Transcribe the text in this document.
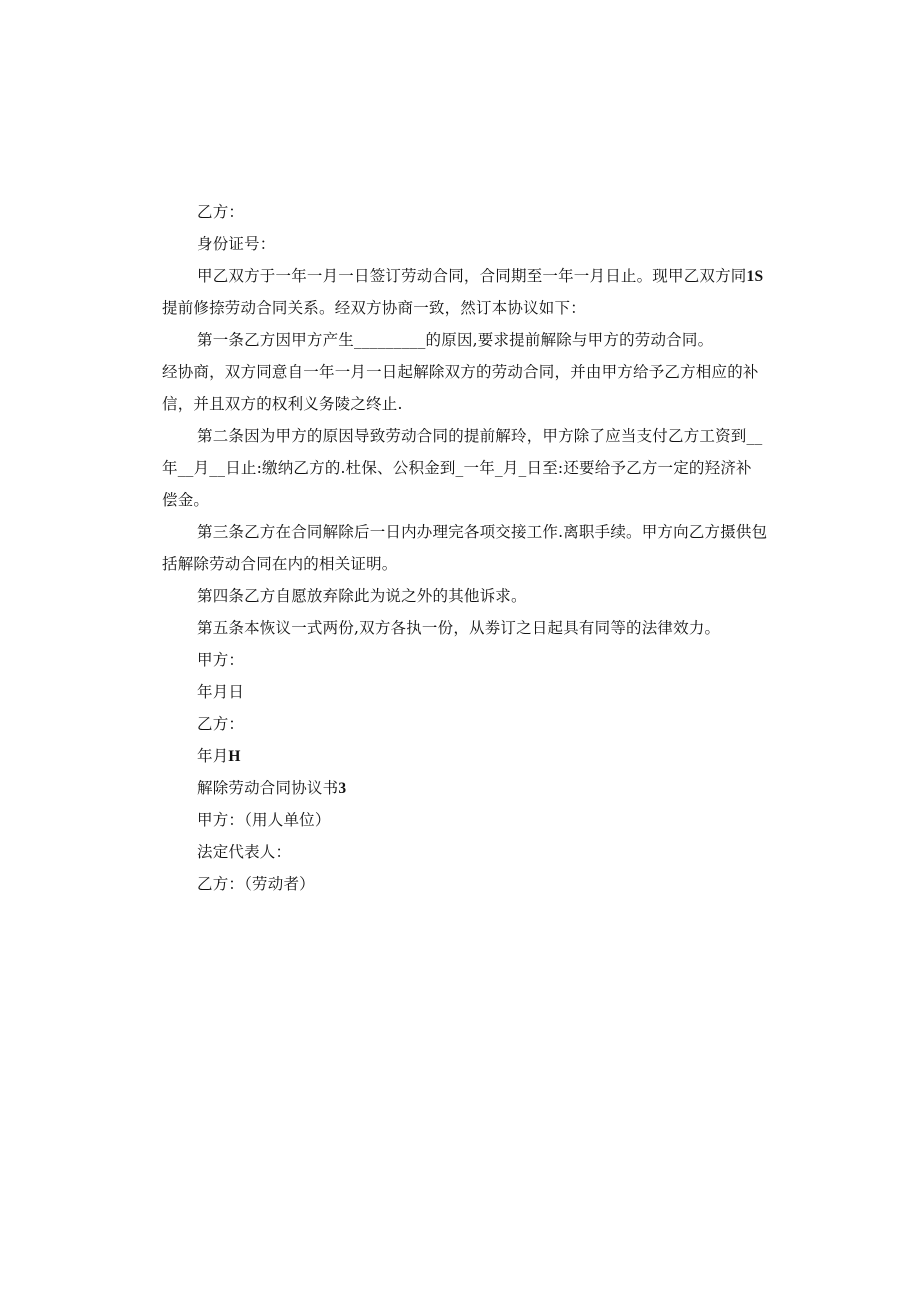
乙方：
身份证号：
甲乙双方于一年一月一日签订劳动合同，合同期至一年一月日止。现甲乙双方同1S
提前修捺劳动合同关系。经双方协商一致，然订本协议如下：
第一条乙方因甲方产生_________的原因,要求提前解除与甲方的劳动合同。
经协商，双方同意自一年一月一日起解除双方的劳动合同，并由甲方给予乙方相应的补
信，并且双方的权利义务陵之终止.
第二条因为甲方的原因导致劳动合同的提前解玲，甲方除了应当支付乙方工资到__
年__月__日止:缴纳乙方的.杜保、公积金到_一年_月_日至:还要给予乙方一定的羟济补
偿金。
第三条乙方在合同解除后一日内办理完各项交接工作.离职手续。甲方向乙方摄供包
括解除劳动合同在内的相关证明。
第四条乙方自愿放弃除此为说之外的其他诉求。
第五条本恢议一式两份,双方各执一份，从劵订之日起具有同等的法律效力。
甲方：
年月日
乙方：
年月H
解除劳动合同协议书3
甲方：（用人单位）
法定代表人：
乙方：（劳动者）
